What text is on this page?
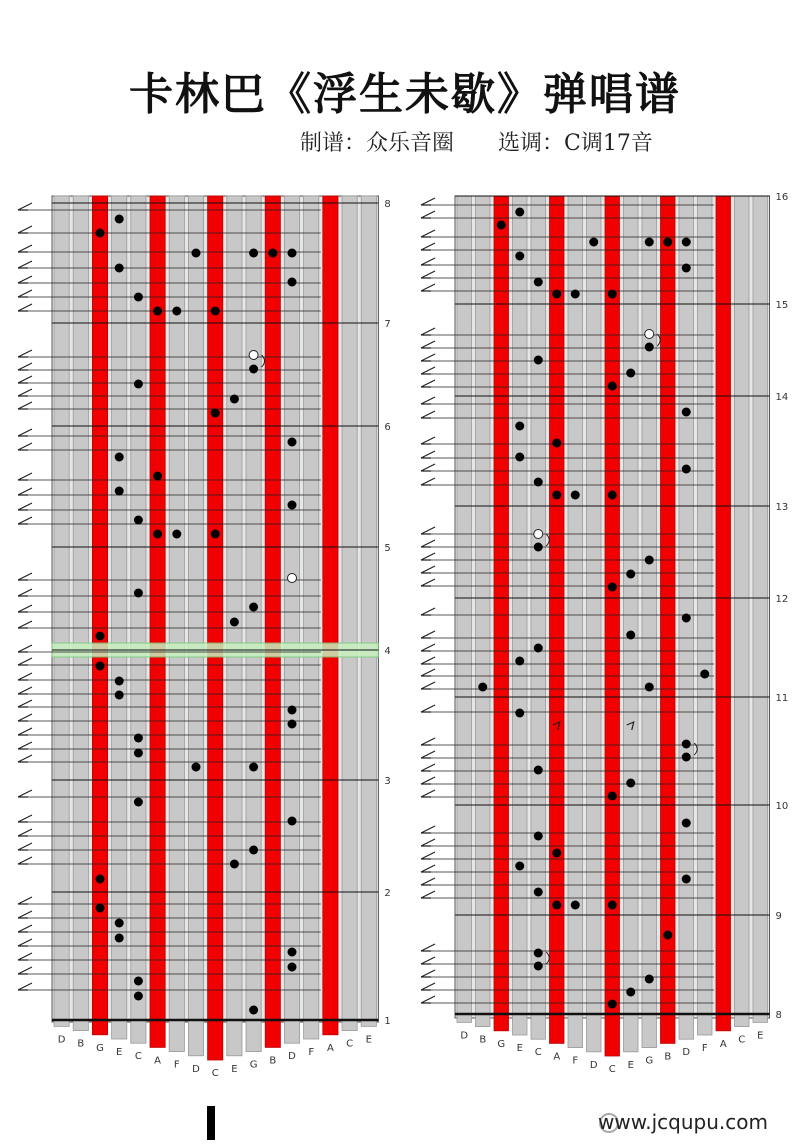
卡林巴《浮生未歇》弹唱谱
制谱：众乐音圈 选调：C调17音
D B G E C A F D C E G B D F A C E
1
2
3
4
5
6
7
8
D B G E C A F D C E G B D F A C E
8
9
10
11
12
13
14
15
16
www.jcqupu.com
